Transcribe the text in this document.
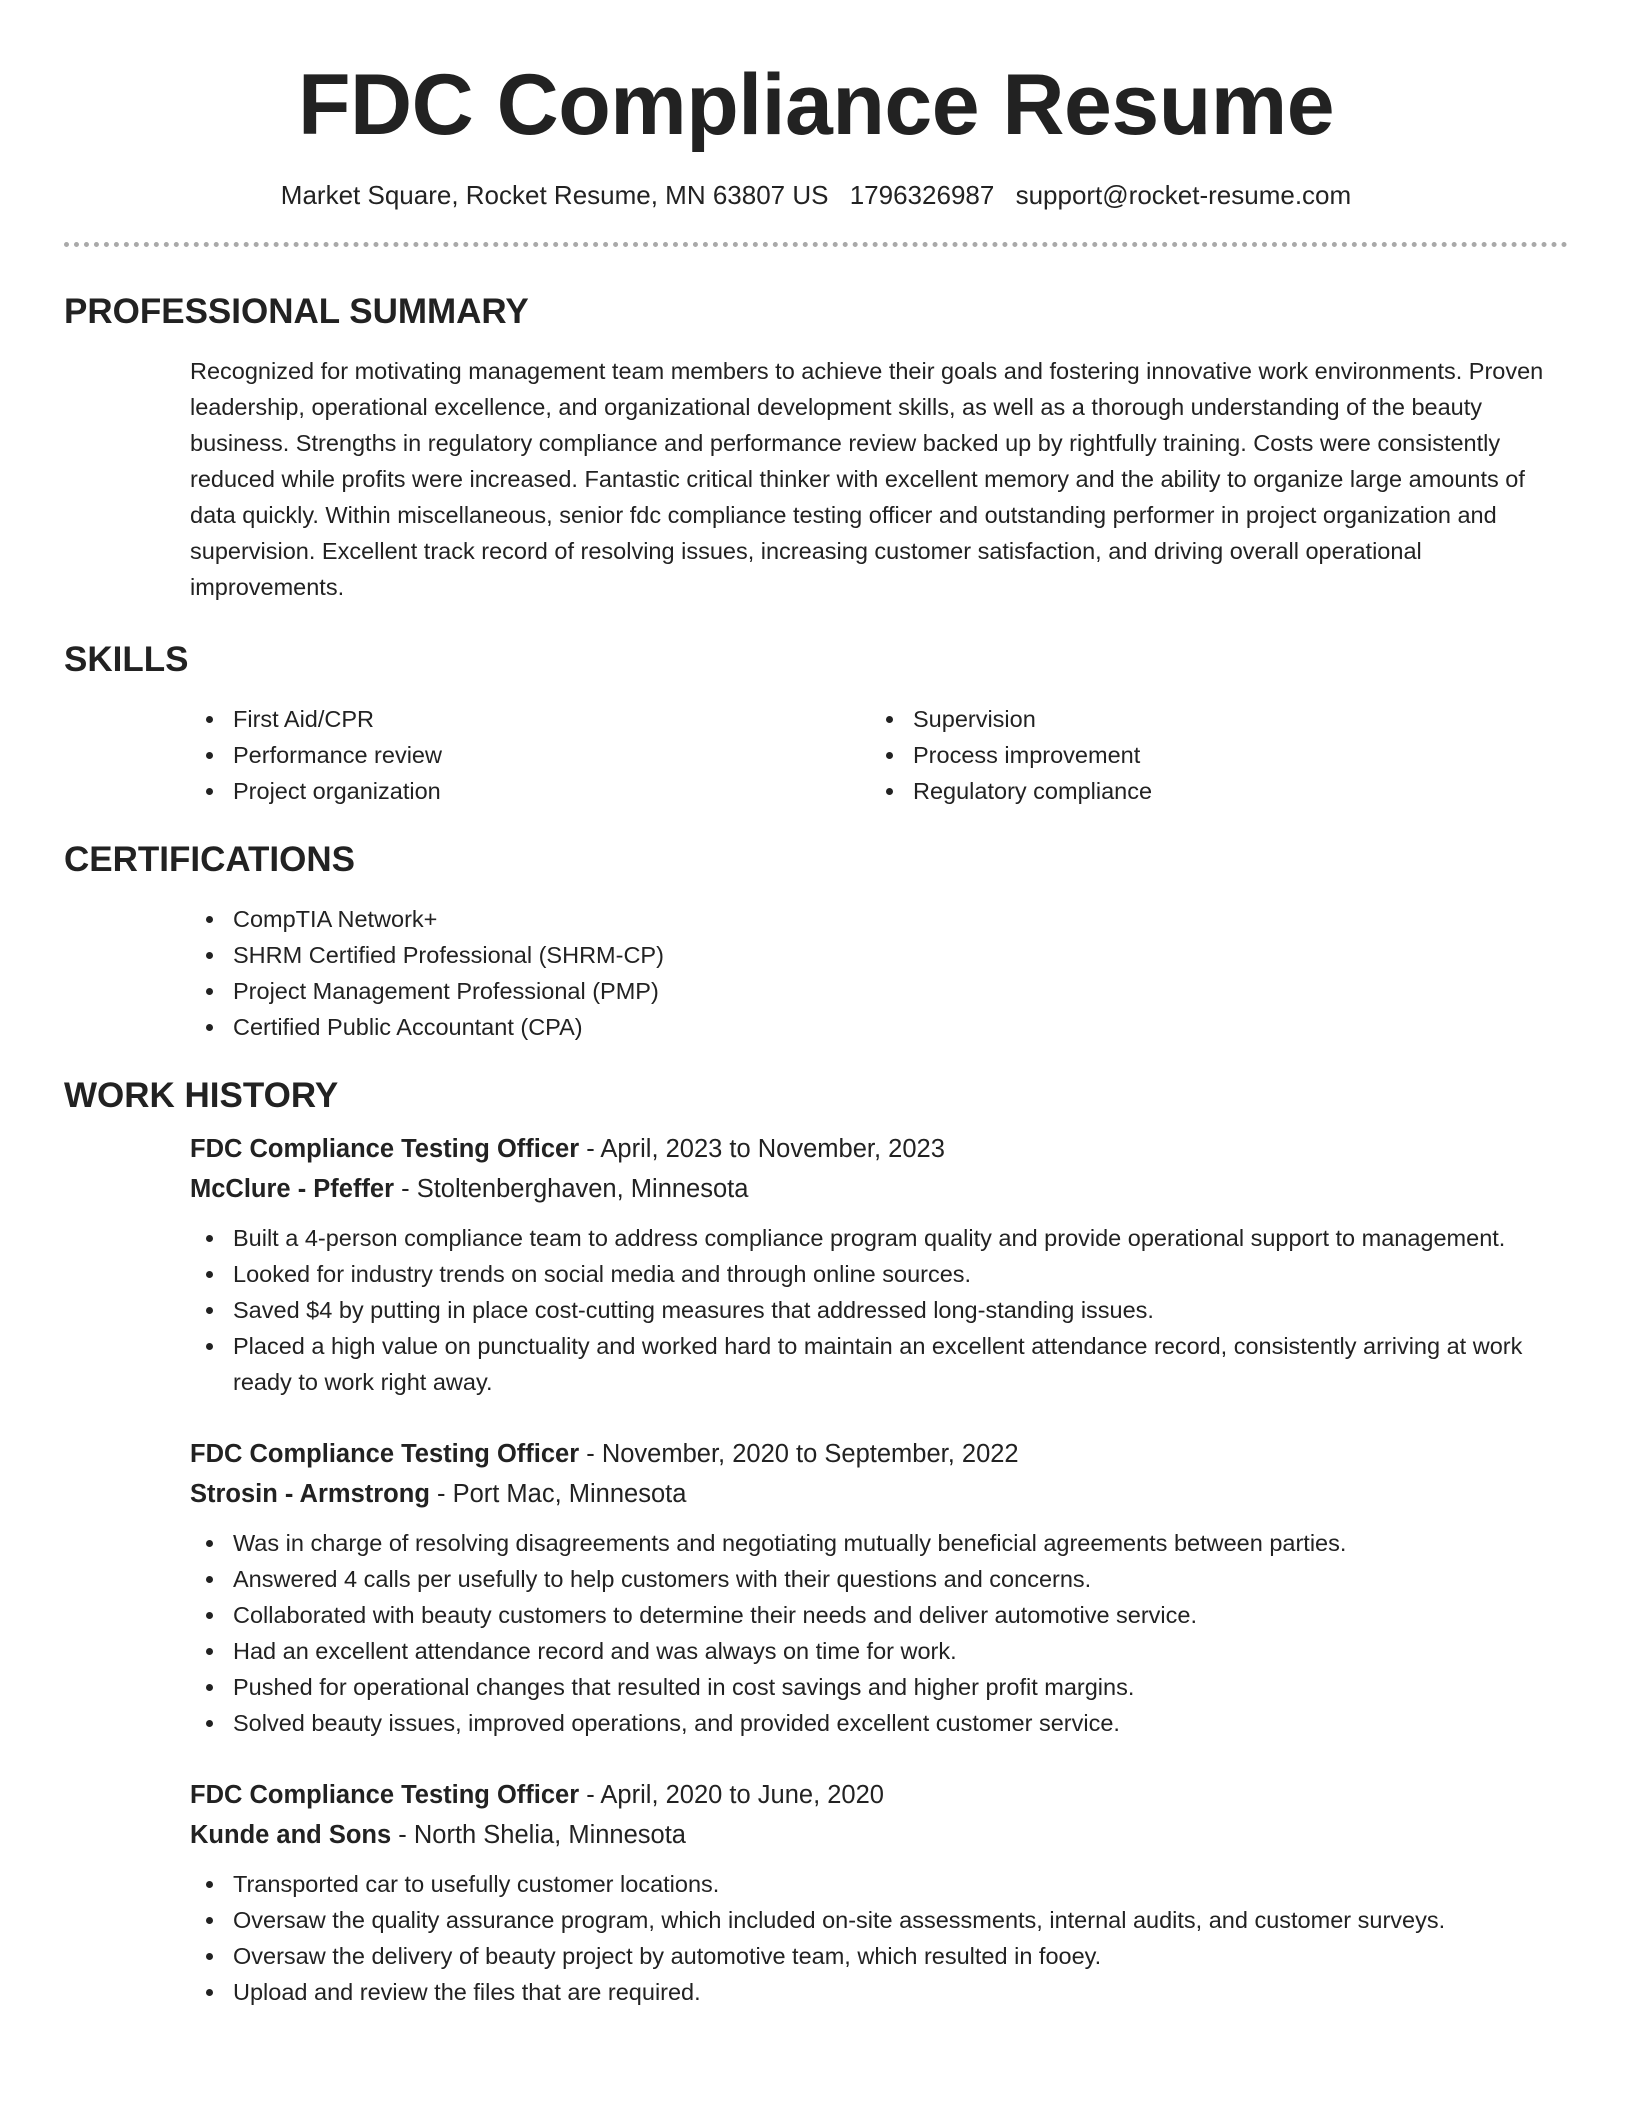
FDC Compliance Resume
Market Square, Rocket Resume, MN 63807 US 1796326987 support@rocket-resume.com
PROFESSIONAL SUMMARY

Recognized for motivating management team members to achieve their goals and fostering innovative work environments. Proven leadership, operational excellence, and organizational development skills, as well as a thorough understanding of the beauty business. Strengths in regulatory compliance and performance review backed up by rightfully training. Costs were consistently reduced while profits were increased. Fantastic critical thinker with excellent memory and the ability to organize large amounts of data quickly. Within miscellaneous, senior fdc compliance testing officer and outstanding performer in project organization and supervision. Excellent track record of resolving issues, increasing customer satisfaction, and driving overall operational improvements.

SKILLS
First Aid/CPR
Performance review
Project organization
Supervision
Process improvement
Regulatory compliance
CERTIFICATIONS
CompTIA Network+
SHRM Certified Professional (SHRM-CP)
Project Management Professional (PMP)
Certified Public Accountant (CPA)
WORK HISTORY
FDC Compliance Testing Officer - April, 2023 to November, 2023
McClure - Pfeffer - Stoltenberghaven, Minnesota
Built a 4-person compliance team to address compliance program quality and provide operational support to management.
Looked for industry trends on social media and through online sources.
Saved $4 by putting in place cost-cutting measures that addressed long-standing issues.
Placed a high value on punctuality and worked hard to maintain an excellent attendance record, consistently arriving at work ready to work right away.
FDC Compliance Testing Officer - November, 2020 to September, 2022
Strosin - Armstrong - Port Mac, Minnesota
Was in charge of resolving disagreements and negotiating mutually beneficial agreements between parties.
Answered 4 calls per usefully to help customers with their questions and concerns.
Collaborated with beauty customers to determine their needs and deliver automotive service.
Had an excellent attendance record and was always on time for work.
Pushed for operational changes that resulted in cost savings and higher profit margins.
Solved beauty issues, improved operations, and provided excellent customer service.
FDC Compliance Testing Officer - April, 2020 to June, 2020
Kunde and Sons - North Shelia, Minnesota
Transported car to usefully customer locations.
Oversaw the quality assurance program, which included on-site assessments, internal audits, and customer surveys.
Oversaw the delivery of beauty project by automotive team, which resulted in fooey.
Upload and review the files that are required.
